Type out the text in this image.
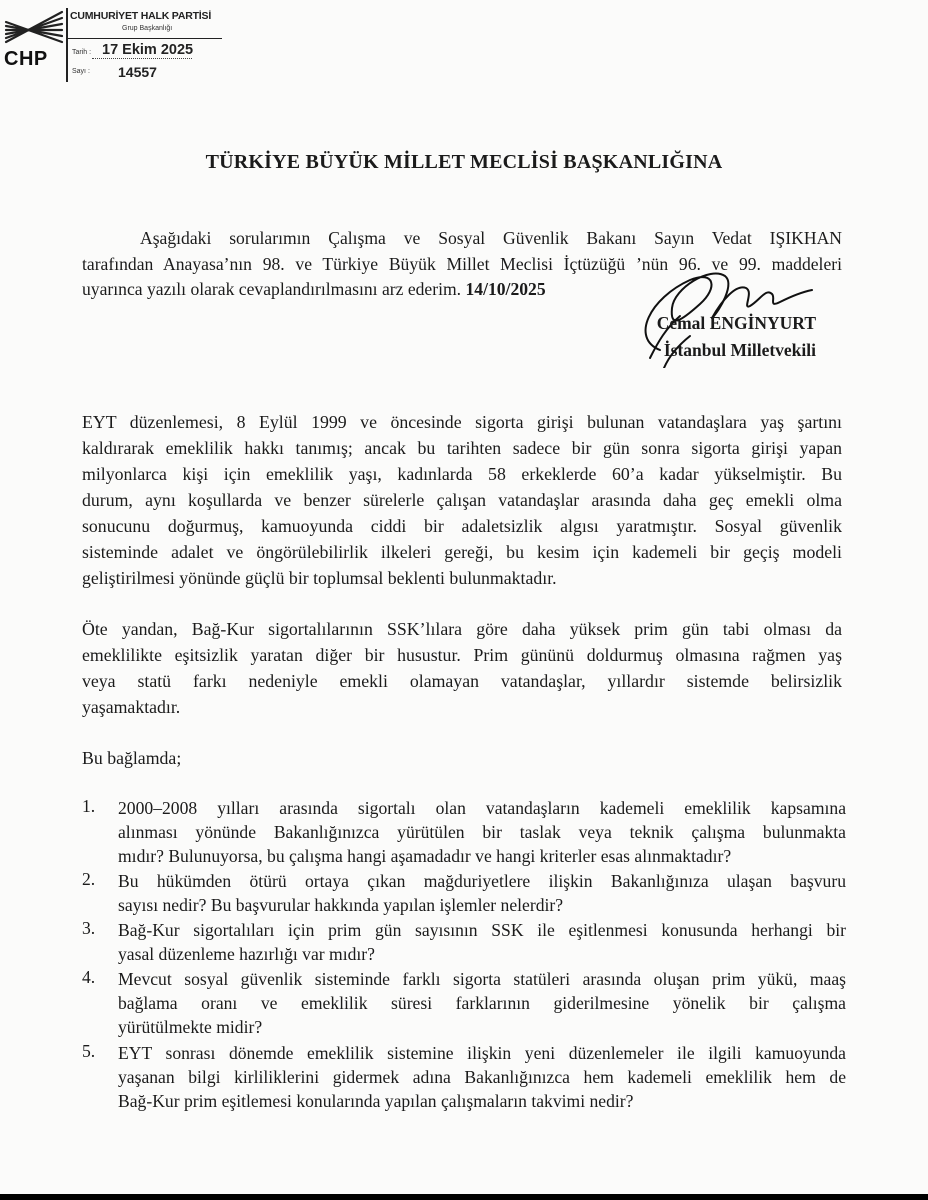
CHP
CUMHURİYET HALK PARTİSİ
Grup Başkanlığı
Tarih : 17 Ekim 2025
Sayı : 14557
TÜRKİYE BÜYÜK MİLLET MECLİSİ BAŞKANLIĞINA
Aşağıdaki sorularımın Çalışma ve Sosyal Güvenlik Bakanı Sayın Vedat IŞIKHAN
tarafından Anayasa’nın 98. ve Türkiye Büyük Millet Meclisi İçtüzüğü ’nün 96. ve 99. maddeleri
uyarınca yazılı olarak cevaplandırılmasını arz ederim. 14/10/2025
Cemal ENGİNYURT
İstanbul Milletvekili
EYT düzenlemesi, 8 Eylül 1999 ve öncesinde sigorta girişi bulunan vatandaşlara yaş şartını
kaldırarak emeklilik hakkı tanımış; ancak bu tarihten sadece bir gün sonra sigorta girişi yapan
milyonlarca kişi için emeklilik yaşı, kadınlarda 58 erkeklerde 60’a kadar yükselmiştir. Bu
durum, aynı koşullarda ve benzer sürelerle çalışan vatandaşlar arasında daha geç emekli olma
sonucunu doğurmuş, kamuoyunda ciddi bir adaletsizlik algısı yaratmıştır. Sosyal güvenlik
sisteminde adalet ve öngörülebilirlik ilkeleri gereği, bu kesim için kademeli bir geçiş modeli
geliştirilmesi yönünde güçlü bir toplumsal beklenti bulunmaktadır.
Öte yandan, Bağ-Kur sigortalılarının SSK’lılara göre daha yüksek prim gün tabi olması da
emeklilikte eşitsizlik yaratan diğer bir husustur. Prim gününü doldurmuş olmasına rağmen yaş
veya statü farkı nedeniyle emekli olamayan vatandaşlar, yıllardır sistemde belirsizlik
yaşamaktadır.
Bu bağlamda;
1. 2000–2008 yılları arasında sigortalı olan vatandaşların kademeli emeklilik kapsamına
alınması yönünde Bakanlığınızca yürütülen bir taslak veya teknik çalışma bulunmakta
mıdır? Bulunuyorsa, bu çalışma hangi aşamadadır ve hangi kriterler esas alınmaktadır?
2. Bu hükümden ötürü ortaya çıkan mağduriyetlere ilişkin Bakanlığınıza ulaşan başvuru
sayısı nedir? Bu başvurular hakkında yapılan işlemler nelerdir?
3. Bağ-Kur sigortalıları için prim gün sayısının SSK ile eşitlenmesi konusunda herhangi bir
yasal düzenleme hazırlığı var mıdır?
4. Mevcut sosyal güvenlik sisteminde farklı sigorta statüleri arasında oluşan prim yükü, maaş
bağlama oranı ve emeklilik süresi farklarının giderilmesine yönelik bir çalışma
yürütülmekte midir?
5. EYT sonrası dönemde emeklilik sistemine ilişkin yeni düzenlemeler ile ilgili kamuoyunda
yaşanan bilgi kirliliklerini gidermek adına Bakanlığınızca hem kademeli emeklilik hem de
Bağ-Kur prim eşitlemesi konularında yapılan çalışmaların takvimi nedir?
